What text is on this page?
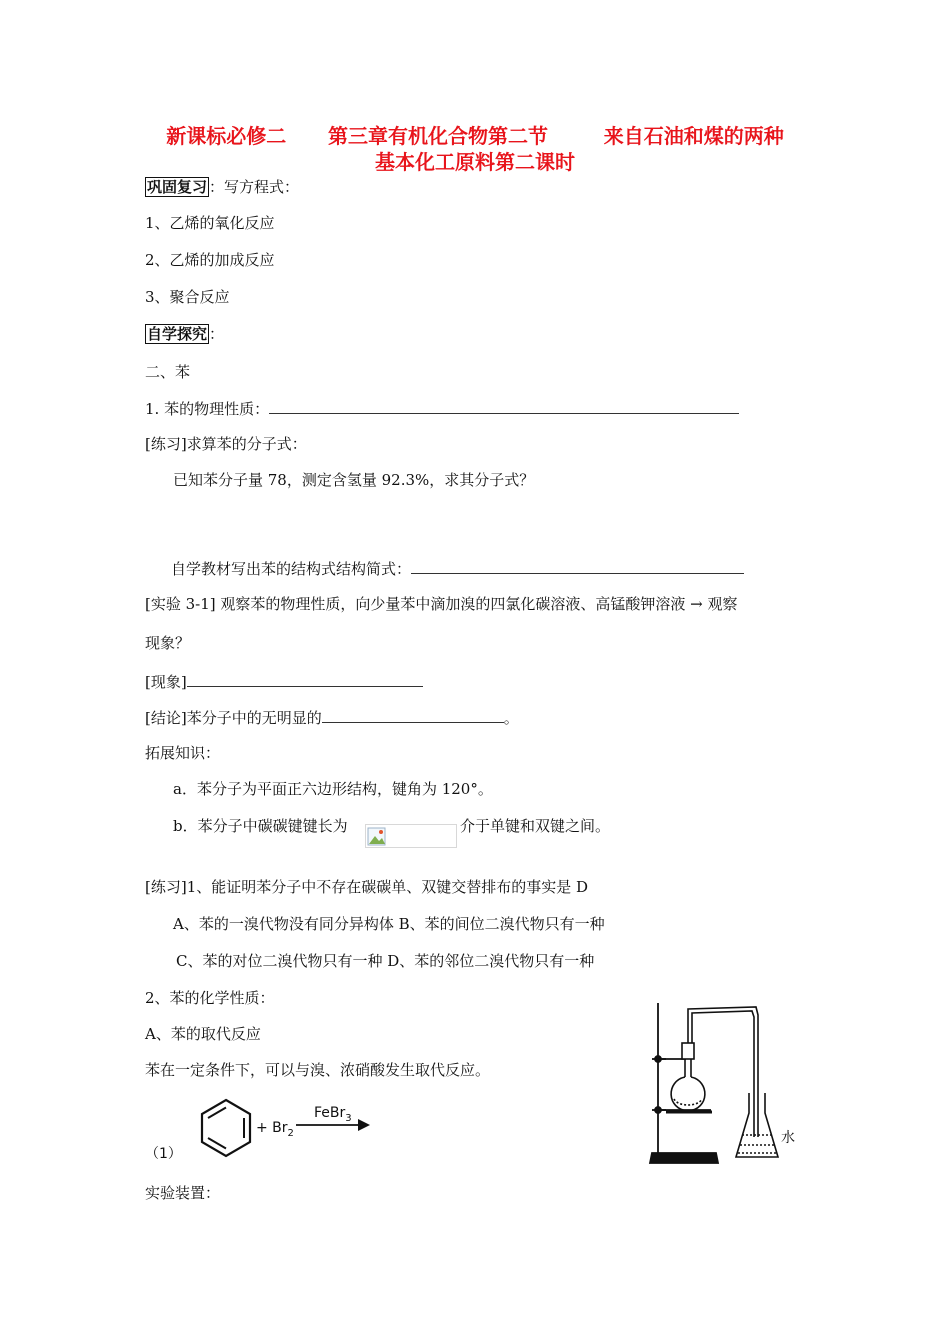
新课标必修二      第三章有机化合物第二节        来自石油和煤的两种
基本化工原料第二课时
巩固复习 ：写方程式：
1、乙烯的氧化反应
2、乙烯的加成反应
3、聚合反应
自学探究 ：
二、苯
1. 苯的物理性质：
[练习]求算苯的分子式：
已知苯分子量 78，测定含氢量 92.3%，求其分子式？
自学教材写出苯的结构式结构简式：
[实验 3-1] 观察苯的物理性质，向少量苯中滴加溴的四氯化碳溶液、高锰酸钾溶液 → 观察
现象？
[现象]
[结论]苯分子中的无明显的	。
拓展知识：
a．苯分子为平面正六边形结构，键角为 120°。
b．苯分子中碳碳键键长为	介于单键和双键之间。
[练习]1、能证明苯分子中不存在碳碳单、双键交替排布的事实是 D
A、苯的一溴代物没有同分异构体 B、苯的间位二溴代物只有一种
C、苯的对位二溴代物只有一种 D、苯的邻位二溴代物只有一种
2、苯的化学性质：
A、苯的取代反应
苯在一定条件下，可以与溴、浓硝酸发生取代反应。
（1）
+ $Br_2$
FeBr$_3$
水
实验装置：
